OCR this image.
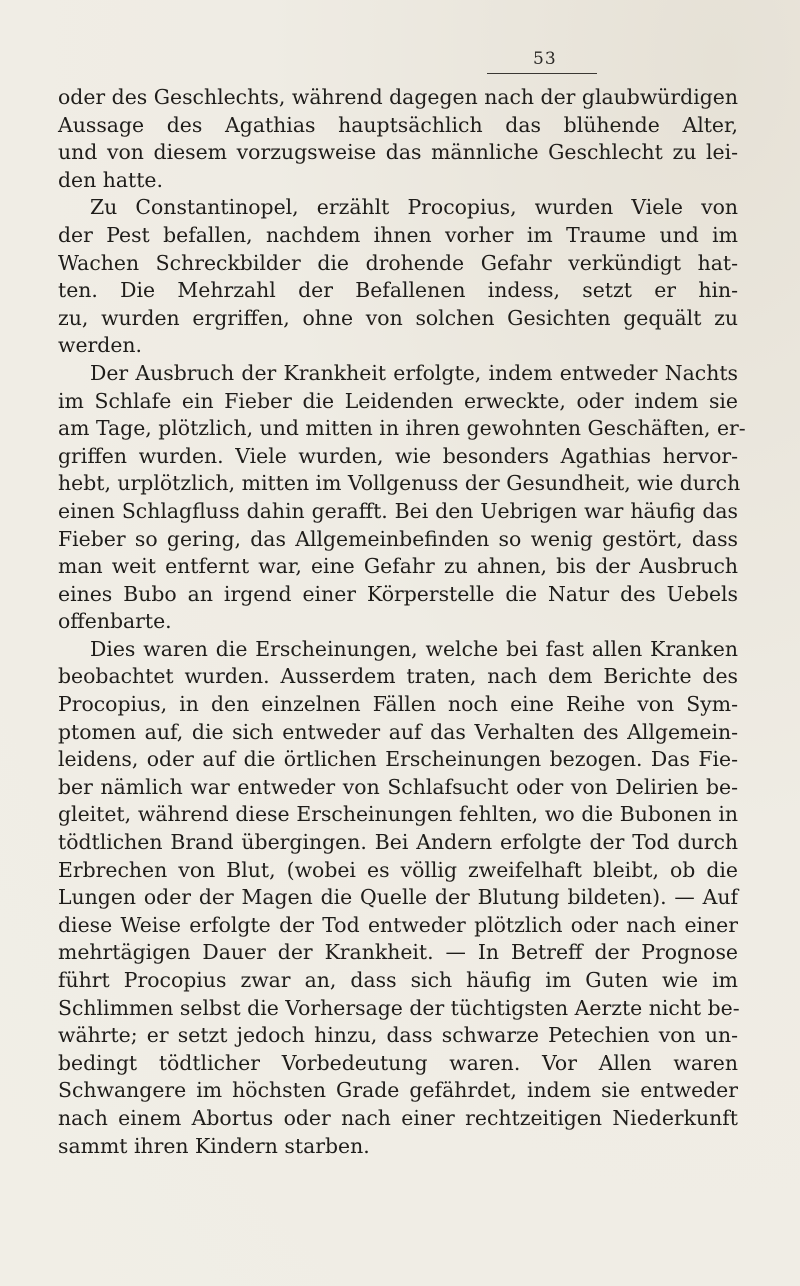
53
oder des Geschlechts, während dagegen nach der glaubwürdigen
Aussage des Agathias hauptsächlich das blühende Alter,
und von diesem vorzugsweise das männliche Geschlecht zu lei-
den hatte.
Zu Constantinopel, erzählt Procopius, wurden Viele von
der Pest befallen, nachdem ihnen vorher im Traume und im
Wachen Schreckbilder die drohende Gefahr verkündigt hat-
ten. Die Mehrzahl der Befallenen indess, setzt er hin-
zu, wurden ergriffen, ohne von solchen Gesichten gequält zu
werden.
Der Ausbruch der Krankheit erfolgte, indem entweder Nachts
im Schlafe ein Fieber die Leidenden erweckte, oder indem sie
am Tage, plötzlich, und mitten in ihren gewohnten Geschäften, er-
griffen wurden. Viele wurden, wie besonders Agathias hervor-
hebt, urplötzlich, mitten im Vollgenuss der Gesundheit, wie durch
einen Schlagfluss dahin gerafft. Bei den Uebrigen war häufig das
Fieber so gering, das Allgemeinbefinden so wenig gestört, dass
man weit entfernt war, eine Gefahr zu ahnen, bis der Ausbruch
eines Bubo an irgend einer Körperstelle die Natur des Uebels
offenbarte.
Dies waren die Erscheinungen, welche bei fast allen Kranken
beobachtet wurden. Ausserdem traten, nach dem Berichte des
Procopius, in den einzelnen Fällen noch eine Reihe von Sym-
ptomen auf, die sich entweder auf das Verhalten des Allgemein-
leidens, oder auf die örtlichen Erscheinungen bezogen. Das Fie-
ber nämlich war entweder von Schlafsucht oder von Delirien be-
gleitet, während diese Erscheinungen fehlten, wo die Bubonen in
tödtlichen Brand übergingen. Bei Andern erfolgte der Tod durch
Erbrechen von Blut, (wobei es völlig zweifelhaft bleibt, ob die
Lungen oder der Magen die Quelle der Blutung bildeten). — Auf
diese Weise erfolgte der Tod entweder plötzlich oder nach einer
mehrtägigen Dauer der Krankheit. — In Betreff der Prognose
führt Procopius zwar an, dass sich häufig im Guten wie im
Schlimmen selbst die Vorhersage der tüchtigsten Aerzte nicht be-
währte; er setzt jedoch hinzu, dass schwarze Petechien von un-
bedingt tödtlicher Vorbedeutung waren. Vor Allen waren
Schwangere im höchsten Grade gefährdet, indem sie entweder
nach einem Abortus oder nach einer rechtzeitigen Niederkunft
sammt ihren Kindern starben.
